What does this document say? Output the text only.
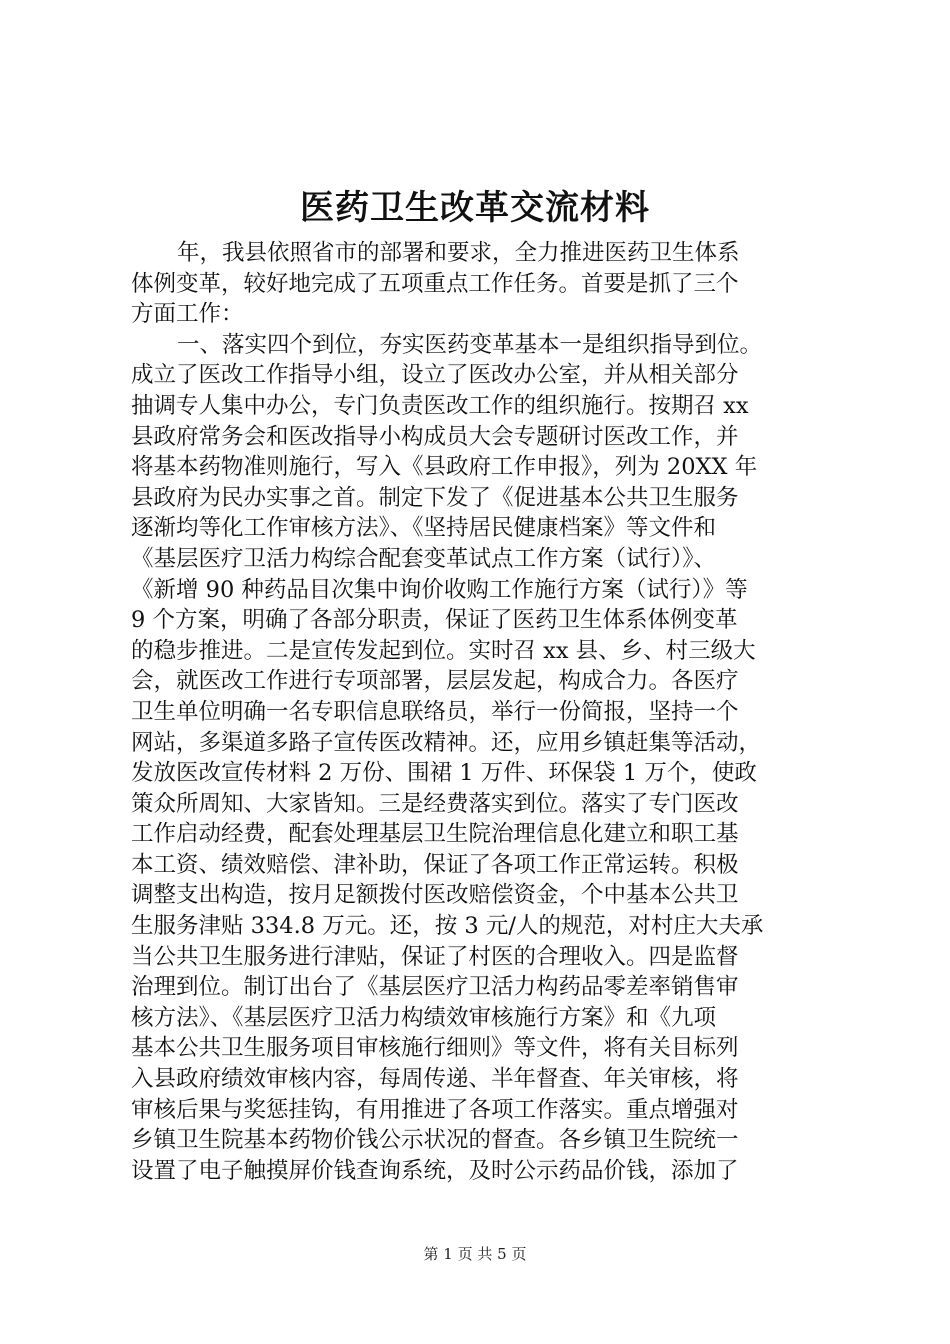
医药卫生改革交流材料
年，我县依照省市的部署和要求，全力推进医药卫生体系
体例变革，较好地完成了五项重点工作任务。首要是抓了三个
方面工作：
一、落实四个到位，夯实医药变革基本一是组织指导到位。
成立了医改工作指导小组，设立了医改办公室，并从相关部分
抽调专人集中办公，专门负责医改工作的组织施行。按期召 xx
县政府常务会和医改指导小构成员大会专题研讨医改工作，并
将基本药物准则施行，写入《县政府工作申报》，列为 20XX 年
县政府为民办实事之首。制定下发了《促进基本公共卫生服务
逐渐均等化工作审核方法》、《坚持居民健康档案》等文件和
《基层医疗卫活力构综合配套变革试点工作方案（试行）》、
《新增 90 种药品目次集中询价收购工作施行方案（试行）》等
9 个方案，明确了各部分职责，保证了医药卫生体系体例变革
的稳步推进。二是宣传发起到位。实时召 xx 县、乡、村三级大
会，就医改工作进行专项部署，层层发起，构成合力。各医疗
卫生单位明确一名专职信息联络员，举行一份简报，坚持一个
网站，多渠道多路子宣传医改精神。还，应用乡镇赶集等活动，
发放医改宣传材料 2 万份、围裙 1 万件、环保袋 1 万个，使政
策众所周知、大家皆知。三是经费落实到位。落实了专门医改
工作启动经费，配套处理基层卫生院治理信息化建立和职工基
本工资、绩效赔偿、津补助，保证了各项工作正常运转。积极
调整支出构造，按月足额拨付医改赔偿资金，个中基本公共卫
生服务津贴 334.8 万元。还，按 3 元/人的规范，对村庄大夫承
当公共卫生服务进行津贴，保证了村医的合理收入。四是监督
治理到位。制订出台了《基层医疗卫活力构药品零差率销售审
核方法》、《基层医疗卫活力构绩效审核施行方案》和《九项
基本公共卫生服务项目审核施行细则》等文件，将有关目标列
入县政府绩效审核内容，每周传递、半年督查、年关审核，将
审核后果与奖惩挂钩，有用推进了各项工作落实。重点增强对
乡镇卫生院基本药物价钱公示状况的督查。各乡镇卫生院统一
设置了电子触摸屏价钱查询系统，及时公示药品价钱，添加了
第 1 页 共 5 页
